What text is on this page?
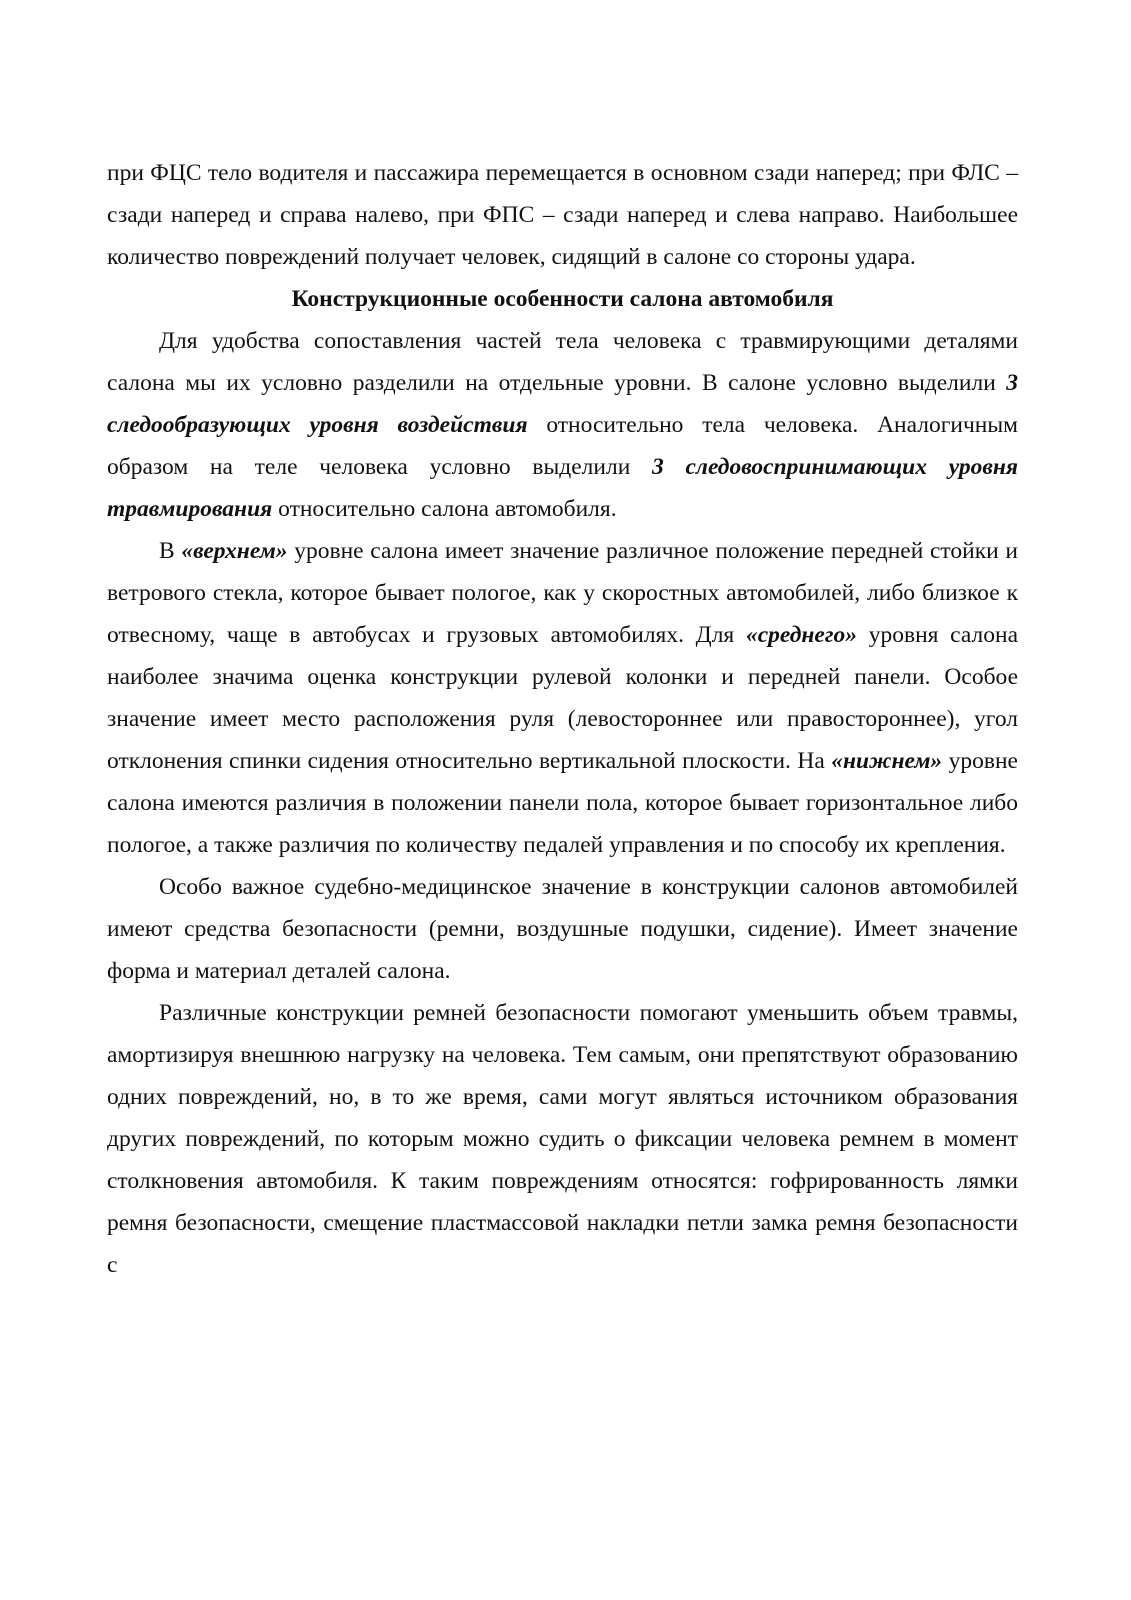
при ФЦС тело водителя и пассажира перемещается в основном сзади наперед; при ФЛС – сзади наперед и справа налево, при ФПС – сзади наперед и слева направо. Наибольшее количество повреждений получает человек, сидящий в салоне со стороны удара.

Конструкционные особенности салона автомобиля

Для удобства сопоставления частей тела человека с травмирующими деталями салона мы их условно разделили на отдельные уровни. В салоне условно выделили 3 следообразующих уровня воздействия относительно тела человека. Аналогичным образом на теле человека условно выделили 3 следовоспринимающих уровня травмирования относительно салона автомобиля.

В «верхнем» уровне салона имеет значение различное положение передней стойки и ветрового стекла, которое бывает пологое, как у скоростных автомобилей, либо близкое к отвесному, чаще в автобусах и грузовых автомобилях. Для «среднего» уровня салона наиболее значима оценка конструкции рулевой колонки и передней панели. Особое значение имеет место расположения руля (левостороннее или правостороннее), угол отклонения спинки сидения относительно вертикальной плоскости. На «нижнем» уровне салона имеются различия в положении панели пола, которое бывает горизонтальное либо пологое, а также различия по количеству педалей управления и по способу их крепления.

Особо важное судебно-медицинское значение в конструкции салонов автомобилей имеют средства безопасности (ремни, воздушные подушки, сидение). Имеет значение форма и материал деталей салона.

Различные конструкции ремней безопасности помогают уменьшить объем травмы, амортизируя внешнюю нагрузку на человека. Тем самым, они препятствуют образованию одних повреждений, но, в то же время, сами могут являться источником образования других повреждений, по которым можно судить о фиксации человека ремнем в момент столкновения автомобиля. К таким повреждениям относятся: гофрированность лямки ремня безопасности, смещение пластмассовой накладки петли замка ремня безопасности с
